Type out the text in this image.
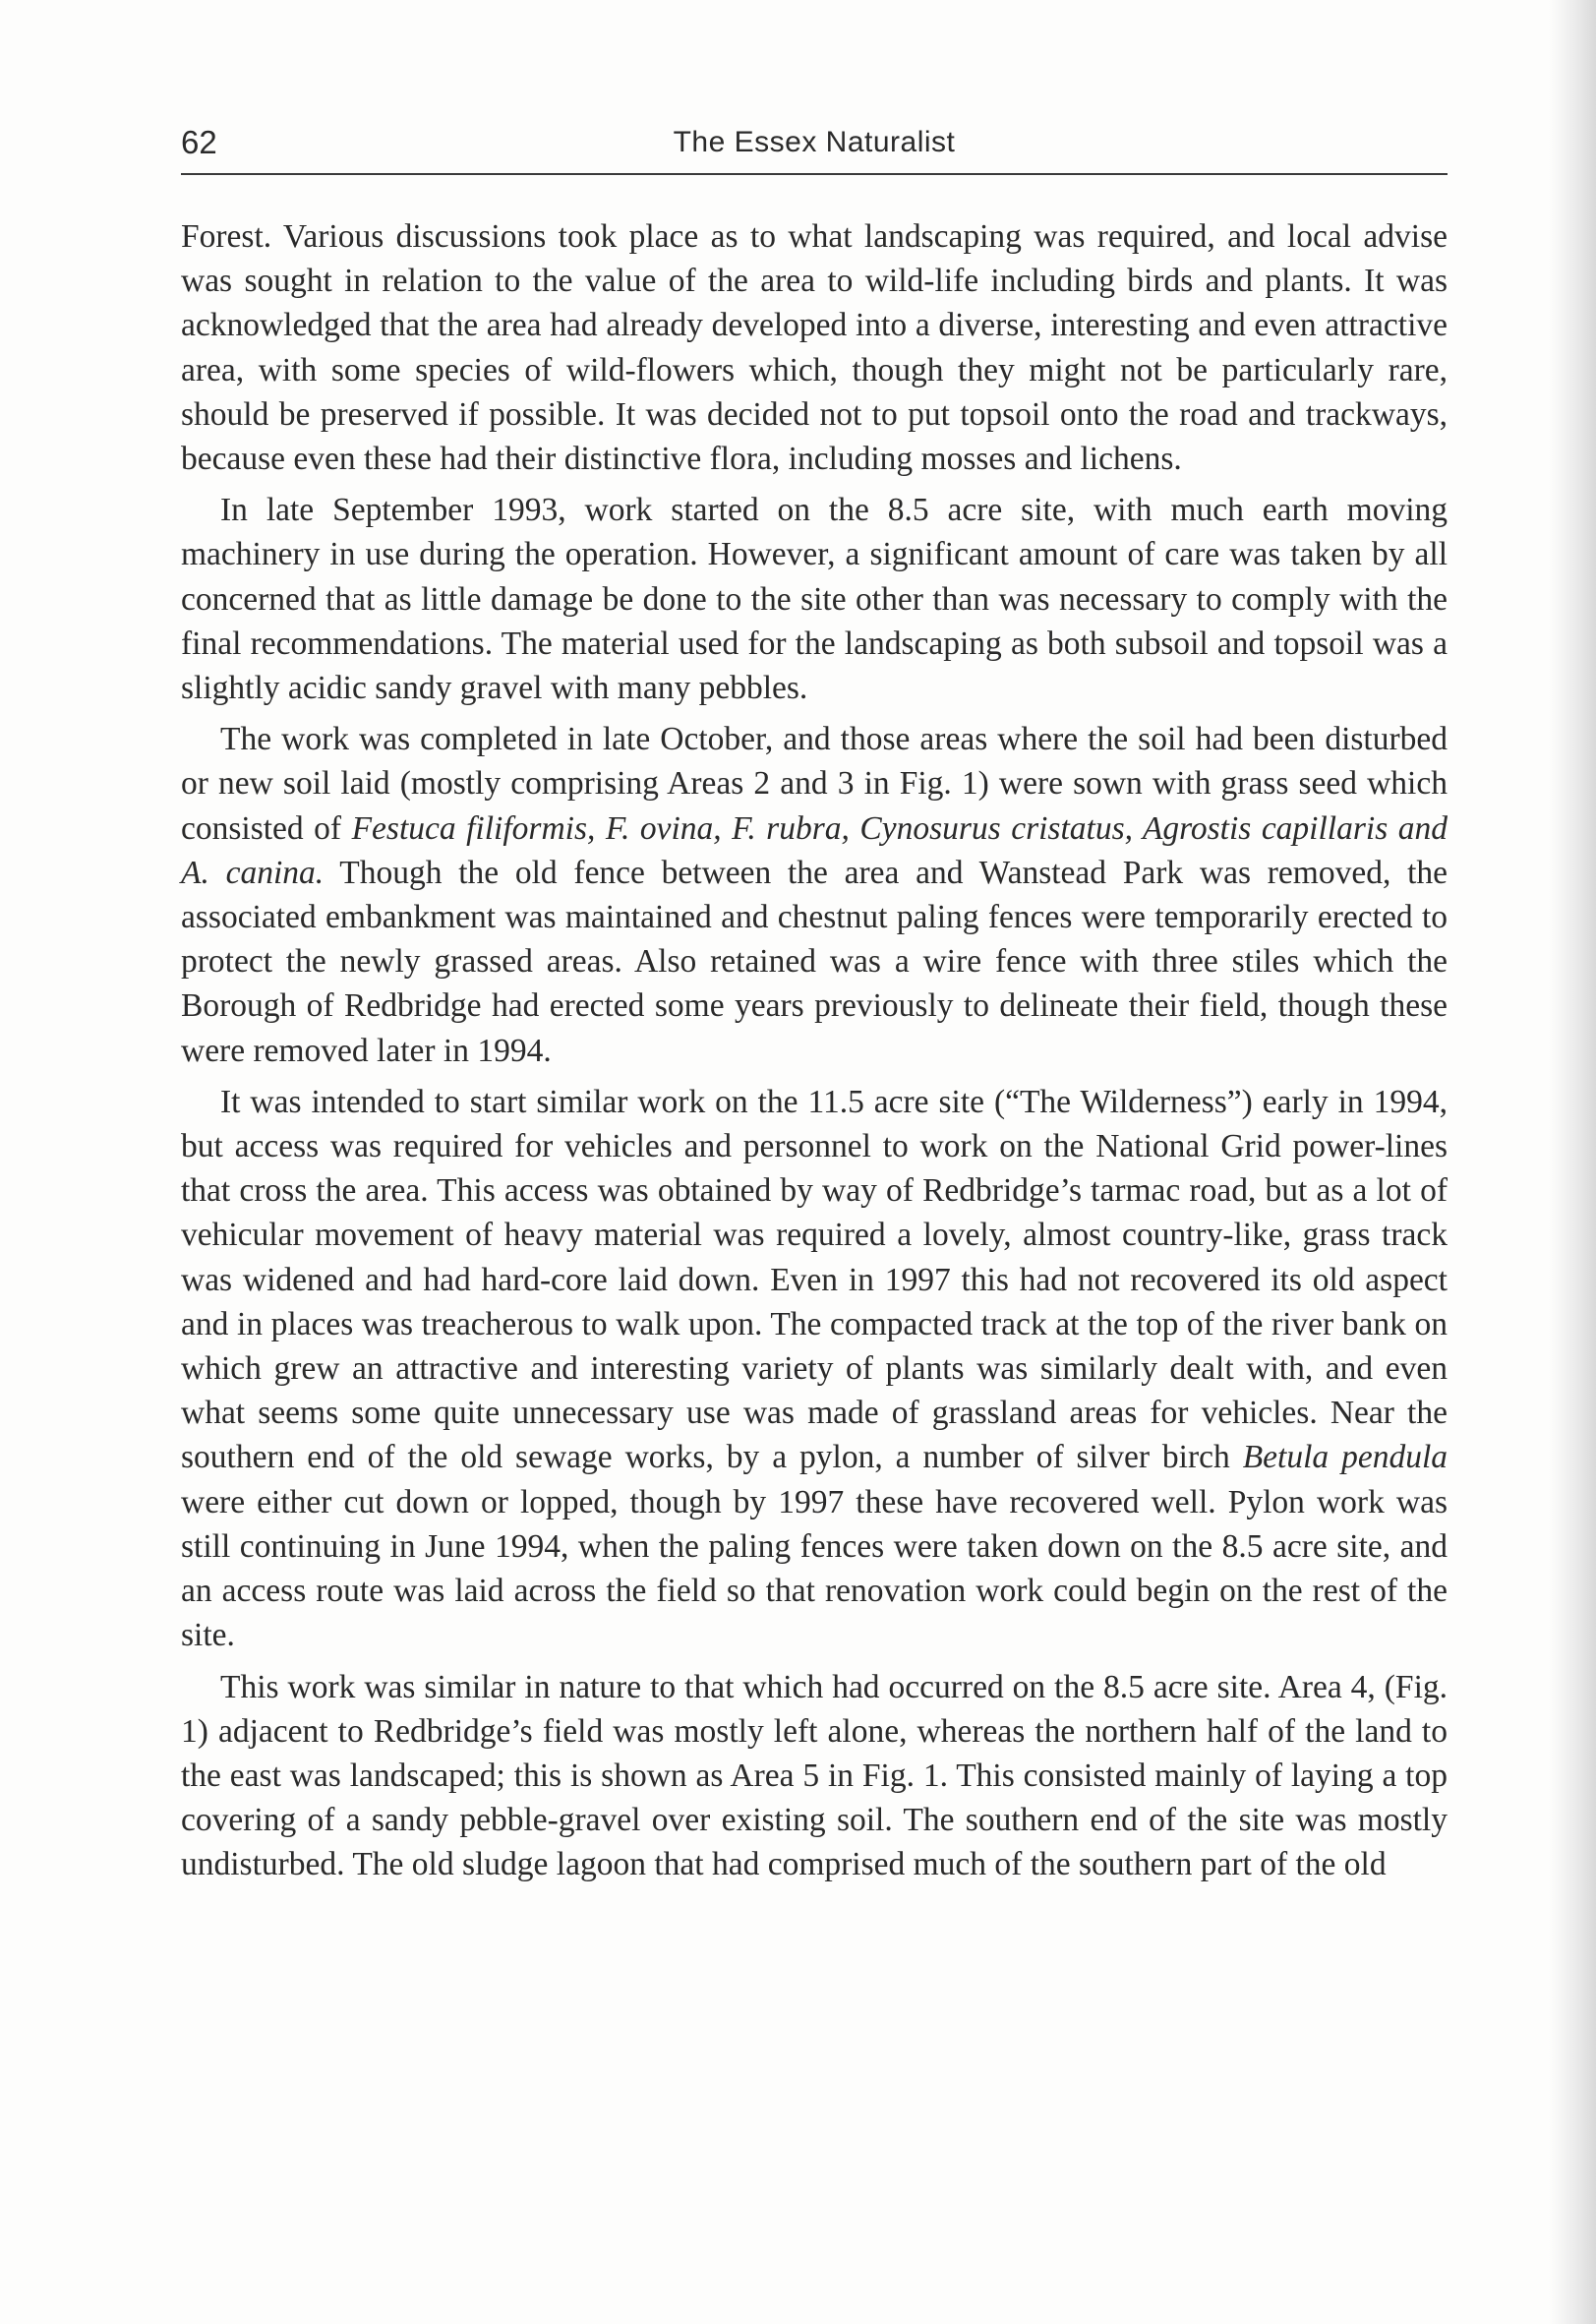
62	The Essex Naturalist

Forest. Various discussions took place as to what landscaping was required, and local advise was sought in relation to the value of the area to wild-life including birds and plants. It was acknowledged that the area had already developed into a diverse, interesting and even attractive area, with some species of wild-flowers which, though they might not be particularly rare, should be preserved if possible. It was decided not to put topsoil onto the road and trackways, because even these had their distinctive flora, including mosses and lichens.

In late September 1993, work started on the 8.5 acre site, with much earth moving machinery in use during the operation. However, a significant amount of care was taken by all concerned that as little damage be done to the site other than was necessary to comply with the final recommendations. The material used for the landscaping as both subsoil and topsoil was a slightly acidic sandy gravel with many pebbles.

The work was completed in late October, and those areas where the soil had been disturbed or new soil laid (mostly comprising Areas 2 and 3 in Fig. 1) were sown with grass seed which consisted of Festuca filiformis, F. ovina, F. rubra, Cynosurus cristatus, Agrostis capillaris and A. canina. Though the old fence between the area and Wanstead Park was removed, the associated embankment was maintained and chestnut paling fences were temporarily erected to protect the newly grassed areas. Also retained was a wire fence with three stiles which the Borough of Redbridge had erected some years previously to delineate their field, though these were removed later in 1994.

It was intended to start similar work on the 11.5 acre site (“The Wilderness”) early in 1994, but access was required for vehicles and personnel to work on the National Grid power-lines that cross the area. This access was obtained by way of Redbridge’s tarmac road, but as a lot of vehicular movement of heavy material was required a lovely, almost country-like, grass track was widened and had hard-core laid down. Even in 1997 this had not recovered its old aspect and in places was treacherous to walk upon. The compacted track at the top of the river bank on which grew an attractive and interesting variety of plants was similarly dealt with, and even what seems some quite unnecessary use was made of grassland areas for vehicles. Near the southern end of the old sewage works, by a pylon, a number of silver birch Betula pendula were either cut down or lopped, though by 1997 these have recovered well. Pylon work was still continuing in June 1994, when the paling fences were taken down on the 8.5 acre site, and an access route was laid across the field so that renovation work could begin on the rest of the site.

This work was similar in nature to that which had occurred on the 8.5 acre site. Area 4, (Fig. 1) adjacent to Redbridge’s field was mostly left alone, whereas the northern half of the land to the east was landscaped; this is shown as Area 5 in Fig. 1. This consisted mainly of laying a top covering of a sandy pebble-gravel over existing soil. The southern end of the site was mostly undisturbed. The old sludge lagoon that had comprised much of the southern part of the old
